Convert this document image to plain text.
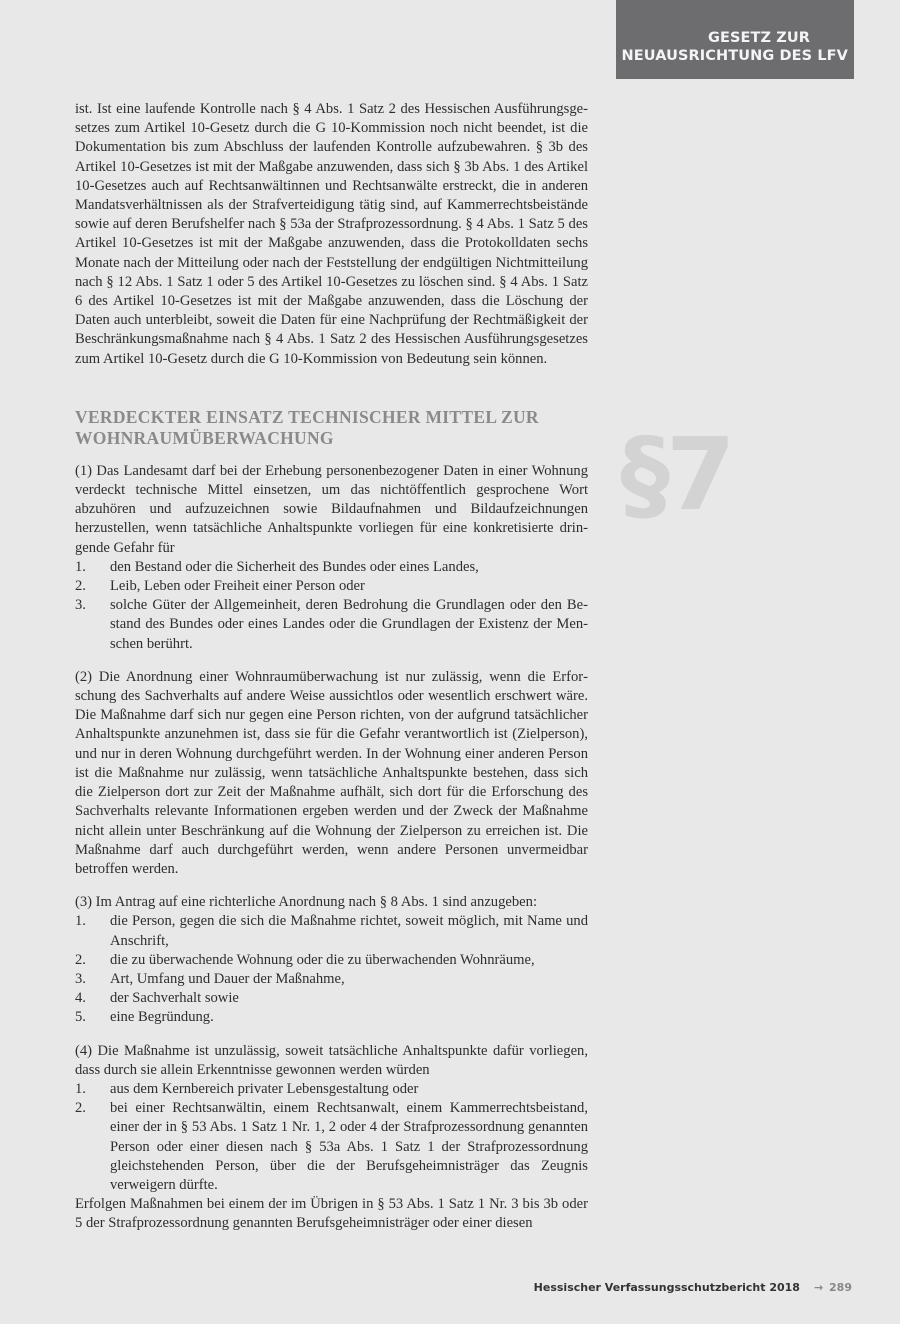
GESETZ ZUR
NEUAUSRICHTUNG DES LFV
§7

ist. Ist eine laufende Kontrolle nach § 4 Abs. 1 Satz 2 des Hessischen Ausführungsgesetzes zum Artikel 10-Gesetz durch die G 10-Kommission noch nicht beendet, ist die Dokumentation bis zum Abschluss der laufenden Kontrolle aufzubewahren. § 3b des Artikel 10-Gesetzes ist mit der Maßgabe anzuwenden, dass sich § 3b Abs. 1 des Artikel 10-Gesetzes auch auf Rechtsanwältinnen und Rechtsanwälte erstreckt, die in anderen Mandatsverhältnissen als der Strafverteidigung tätig sind, auf Kammerrechtsbeistände sowie auf deren Berufshelfer nach § 53a der Strafprozessordnung. § 4 Abs. 1 Satz 5 des Artikel 10-Gesetzes ist mit der Maßgabe anzuwenden, dass die Protokolldaten sechs Monate nach der Mitteilung oder nach der Feststellung der endgültigen Nichtmitteilung nach § 12 Abs. 1 Satz 1 oder 5 des Artikel 10-Gesetzes zu löschen sind. § 4 Abs. 1 Satz 6 des Artikel 10-Gesetzes ist mit der Maßgabe anzuwenden, dass die Löschung der Daten auch unterbleibt, soweit die Daten für eine Nachprüfung der Rechtmäßigkeit der Beschränkungsmaßnahme nach § 4 Abs. 1 Satz 2 des Hessischen Ausführungsgesetzes zum Artikel 10-Gesetz durch die G 10-Kommission von Bedeutung sein können.

VERDECKTER EINSATZ TECHNISCHER MITTEL ZUR WOHNRAUMÜBERWACHUNG

(1) Das Landesamt darf bei der Erhebung personenbezogener Daten in einer Wohnung verdeckt technische Mittel einsetzen, um das nichtöffentlich gesprochene Wort abzuhören und aufzuzeichnen sowie Bildaufnahmen und Bildaufzeichnungen herzustellen, wenn tatsächliche Anhaltspunkte vorliegen für eine konkretisierte dringende Gefahr für

1.	den Bestand oder die Sicherheit des Bundes oder eines Landes,
2.	Leib, Leben oder Freiheit einer Person oder
3.	solche Güter der Allgemeinheit, deren Bedrohung die Grundlagen oder den Bestand des Bundes oder eines Landes oder die Grundlagen der Existenz der Menschen berührt.

(2) Die Anordnung einer Wohnraumüberwachung ist nur zulässig, wenn die Erforschung des Sachverhalts auf andere Weise aussichtlos oder wesentlich erschwert wäre. Die Maßnahme darf sich nur gegen eine Person richten, von der aufgrund tatsächlicher Anhaltspunkte anzunehmen ist, dass sie für die Gefahr verantwortlich ist (Zielperson), und nur in deren Wohnung durchgeführt werden. In der Wohnung einer anderen Person ist die Maßnahme nur zulässig, wenn tatsächliche Anhaltspunkte bestehen, dass sich die Zielperson dort zur Zeit der Maßnahme aufhält, sich dort für die Erforschung des Sachverhalts relevante Informationen ergeben werden und der Zweck der Maßnahme nicht allein unter Beschränkung auf die Wohnung der Zielperson zu erreichen ist. Die Maßnahme darf auch durchgeführt werden, wenn andere Personen unvermeidbar betroffen werden.

(3) Im Antrag auf eine richterliche Anordnung nach § 8 Abs. 1 sind anzugeben:

1.	die Person, gegen die sich die Maßnahme richtet, soweit möglich, mit Name und Anschrift,
2.	die zu überwachende Wohnung oder die zu überwachenden Wohnräume,
3.	Art, Umfang und Dauer der Maßnahme,
4.	der Sachverhalt sowie
5.	eine Begründung.

(4) Die Maßnahme ist unzulässig, soweit tatsächliche Anhaltspunkte dafür vorliegen, dass durch sie allein Erkenntnisse gewonnen werden würden

1.	aus dem Kernbereich privater Lebensgestaltung oder
2.	bei einer Rechtsanwältin, einem Rechtsanwalt, einem Kammerrechtsbeistand, einer der in § 53 Abs. 1 Satz 1 Nr. 1, 2 oder 4 der Strafprozessordnung genannten Person oder einer diesen nach § 53a Abs. 1 Satz 1 der Strafprozessordnung gleichstehenden Person, über die der Berufsgeheimnisträger das Zeugnis verweigern dürfte.

Erfolgen Maßnahmen bei einem der im Übrigen in § 53 Abs. 1 Satz 1 Nr. 3 bis 3b oder 5 der Strafprozessordnung genannten Berufsgeheimnisträger oder einer diesen

Hessischer Verfassungsschutzbericht 2018 → 289
